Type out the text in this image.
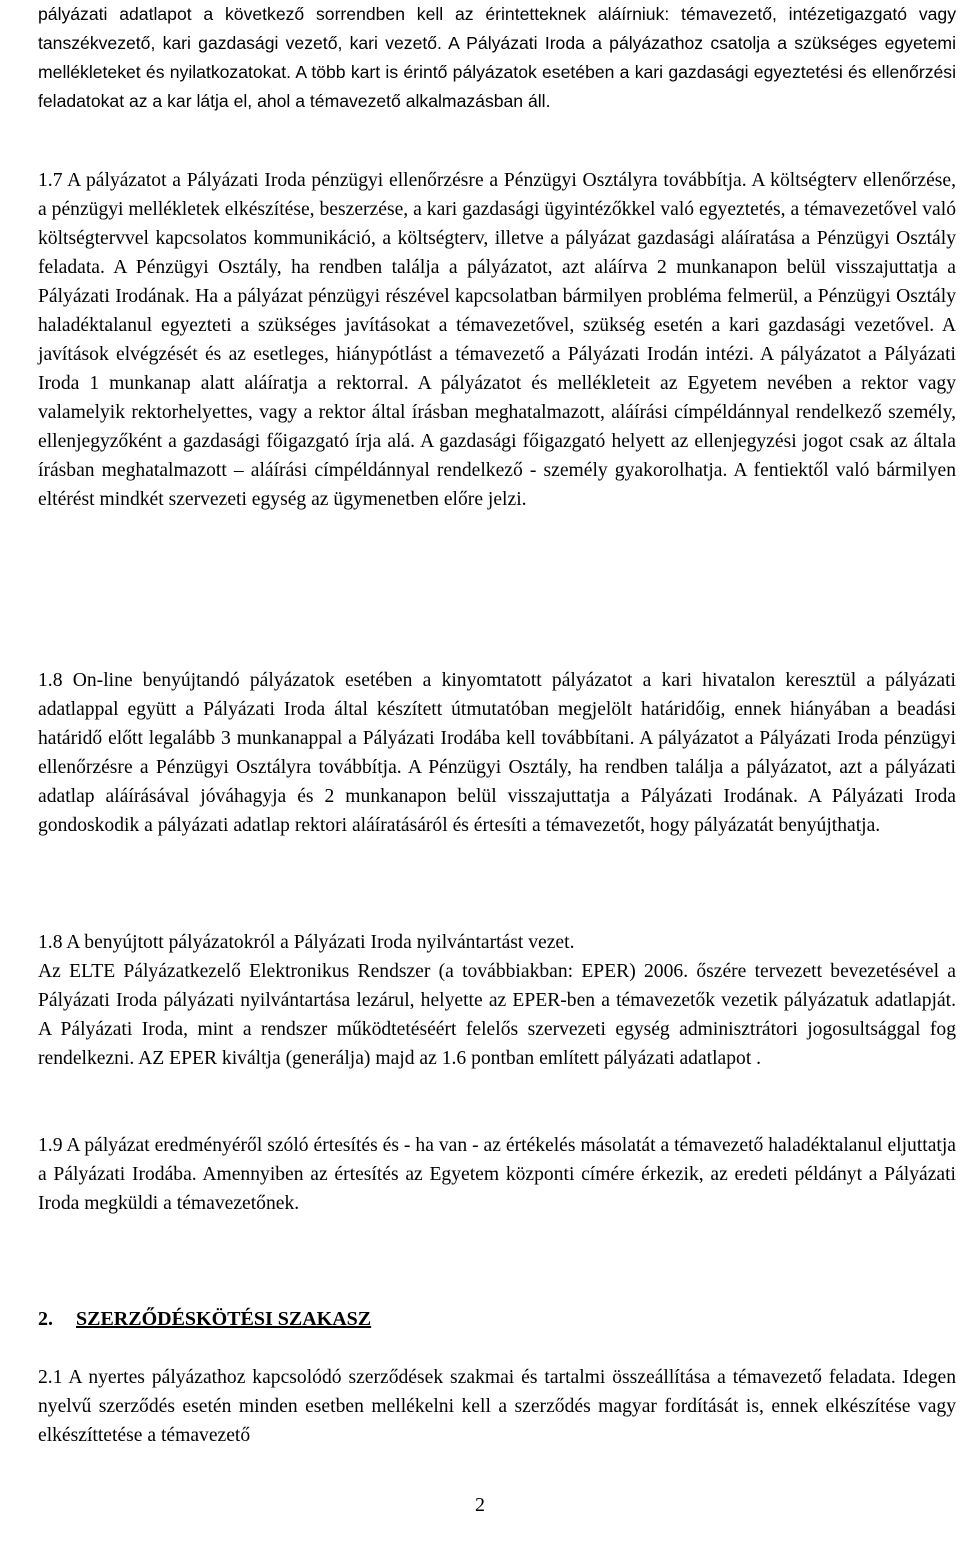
pályázati adatlapot a következő sorrendben kell az érintetteknek aláírniuk: témavezető, intézetigazgató vagy tanszékvezető, kari gazdasági vezető, kari vezető. A Pályázati Iroda a pályázathoz csatolja a szükséges egyetemi mellékleteket és nyilatkozatokat. A több kart is érintő pályázatok esetében a kari gazdasági egyeztetési és ellenőrzési feladatokat az a kar látja el, ahol a témavezető alkalmazásban áll.

1.7 A pályázatot a Pályázati Iroda pénzügyi ellenőrzésre a Pénzügyi Osztályra továbbítja. A költségterv ellenőrzése, a pénzügyi mellékletek elkészítése, beszerzése, a kari gazdasági ügyintézőkkel való egyeztetés, a témavezetővel való költségtervvel kapcsolatos kommunikáció, a költségterv, illetve a pályázat gazdasági aláíratása a Pénzügyi Osztály feladata. A Pénzügyi Osztály, ha rendben találja a pályázatot, azt aláírva 2 munkanapon belül visszajuttatja a Pályázati Irodának. Ha a pályázat pénzügyi részével kapcsolatban bármilyen probléma felmerül, a Pénzügyi Osztály haladéktalanul egyezteti a szükséges javításokat a témavezetővel, szükség esetén a kari gazdasági vezetővel. A javítások elvégzését és az esetleges, hiánypótlást a témavezető a Pályázati Irodán intézi. A pályázatot a Pályázati Iroda 1 munkanap alatt aláíratja a rektorral. A pályázatot és mellékleteit az Egyetem nevében a rektor vagy valamelyik rektorhelyettes, vagy a rektor által írásban meghatalmazott, aláírási címpéldánnyal rendelkező személy, ellenjegyzőként a gazdasági főigazgató írja alá. A gazdasági főigazgató helyett az ellenjegyzési jogot csak az általa írásban meghatalmazott – aláírási címpéldánnyal rendelkező - személy gyakorolhatja. A fentiektől való bármilyen eltérést mindkét szervezeti egység az ügymenetben előre jelzi.

1.8 On-line benyújtandó pályázatok esetében a kinyomtatott pályázatot a kari hivatalon keresztül a pályázati adatlappal együtt a Pályázati Iroda által készített útmutatóban megjelölt határidőig, ennek hiányában a beadási határidő előtt legalább 3 munkanappal a Pályázati Irodába kell továbbítani. A pályázatot a Pályázati Iroda pénzügyi ellenőrzésre a Pénzügyi Osztályra továbbítja. A Pénzügyi Osztály, ha rendben találja a pályázatot, azt a pályázati adatlap aláírásával jóváhagyja és 2 munkanapon belül visszajuttatja a Pályázati Irodának. A Pályázati Iroda gondoskodik a pályázati adatlap rektori aláíratásáról és értesíti a témavezetőt, hogy pályázatát benyújthatja.

1.8 A benyújtott pályázatokról a Pályázati Iroda nyilvántartást vezet.
Az ELTE Pályázatkezelő Elektronikus Rendszer (a továbbiakban: EPER) 2006. őszére tervezett bevezetésével a Pályázati Iroda pályázati nyilvántartása lezárul, helyette az EPER-ben a témavezetők vezetik pályázatuk adatlapját. A Pályázati Iroda, mint a rendszer működtetéséért felelős szervezeti egység adminisztrátori jogosultsággal fog rendelkezni. AZ EPER kiváltja (generálja) majd az 1.6 pontban említett pályázati adatlapot .

1.9 A pályázat eredményéről szóló értesítés és - ha van - az értékelés másolatát a témavezető haladéktalanul eljuttatja a Pályázati Irodába. Amennyiben az értesítés az Egyetem központi címére érkezik, az eredeti példányt a Pályázati Iroda megküldi a témavezetőnek.

2. SZERZŐDÉSKÖTÉSI SZAKASZ

2.1 A nyertes pályázathoz kapcsolódó szerződések szakmai és tartalmi összeállítása a témavezető feladata. Idegen nyelvű szerződés esetén minden esetben mellékelni kell a szerződés magyar fordítását is, ennek elkészítése vagy elkészíttetése a témavezető

2
